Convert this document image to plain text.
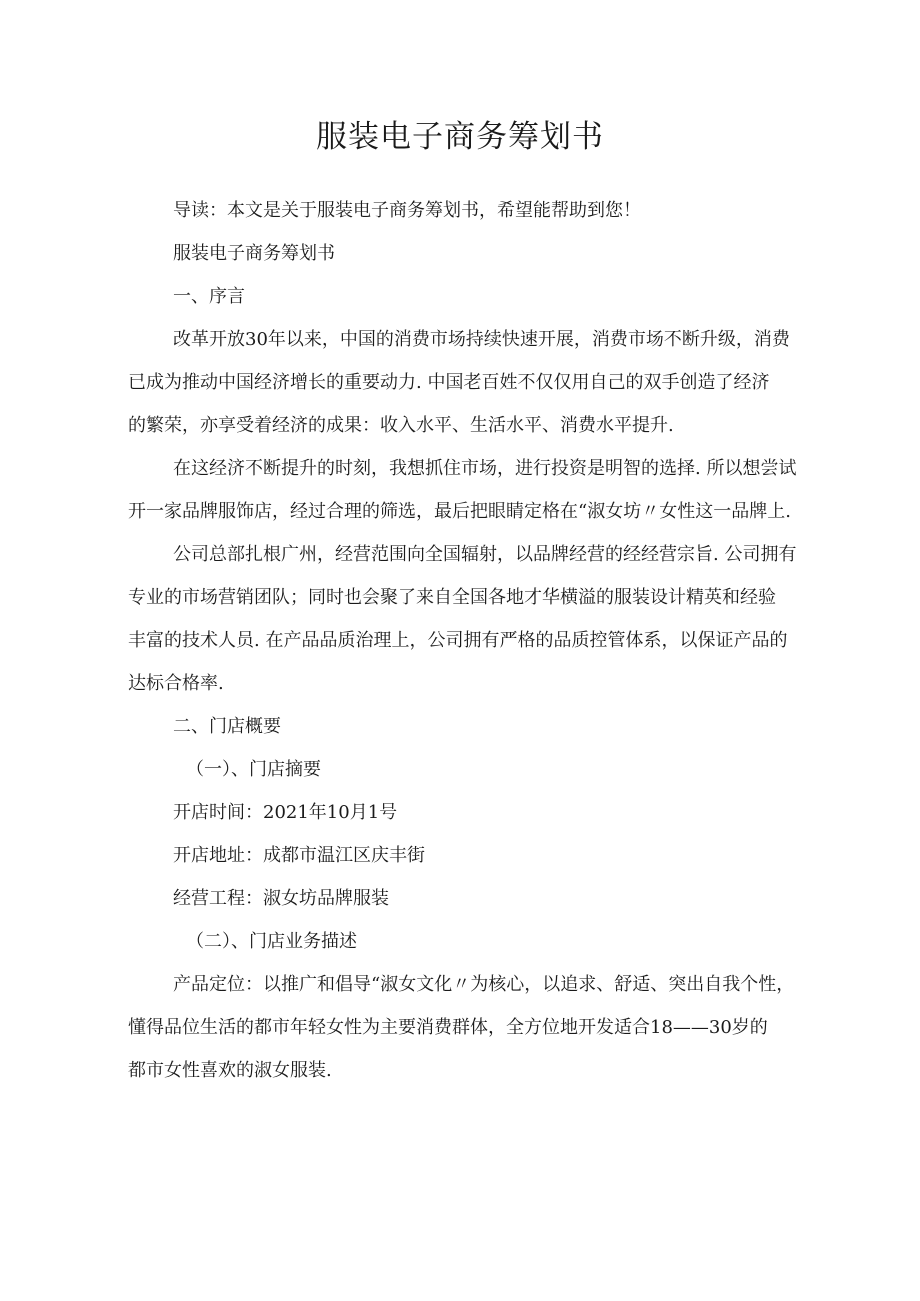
服装电子商务筹划书

导读：本文是关于服装电子商务筹划书，希望能帮助到您！

服装电子商务筹划书

一、序言

改革开放30年以来，中国的消费市场持续快速开展，消费市场不断升级，消费
已成为推动中国经济增长的重要动力. 中国老百姓不仅仅用自己的双手创造了经济
的繁荣，亦享受着经济的成果：收入水平、生活水平、消费水平提升.

在这经济不断提升的时刻，我想抓住市场，进行投资是明智的选择. 所以想尝试
开一家品牌服饰店，经过合理的筛选，最后把眼睛定格在“淑女坊〃女性这一品牌上.

公司总部扎根广州，经营范围向全国辐射，以品牌经营的经经营宗旨. 公司拥有
专业的市场营销团队；同时也会聚了来自全国各地才华横溢的服装设计精英和经验
丰富的技术人员. 在产品品质治理上，公司拥有严格的品质控管体系，以保证产品的
达标合格率.

二、门店概要

（一）、门店摘要

开店时间：2021年10月1号

开店地址：成都市温江区庆丰街

经营工程：淑女坊品牌服装

（二）、门店业务描述

产品定位：以推广和倡导“淑女文化〃为核心，以追求、舒适、突出自我个性，
懂得品位生活的都市年轻女性为主要消费群体，全方位地开发适合18——30岁的
都市女性喜欢的淑女服装.
